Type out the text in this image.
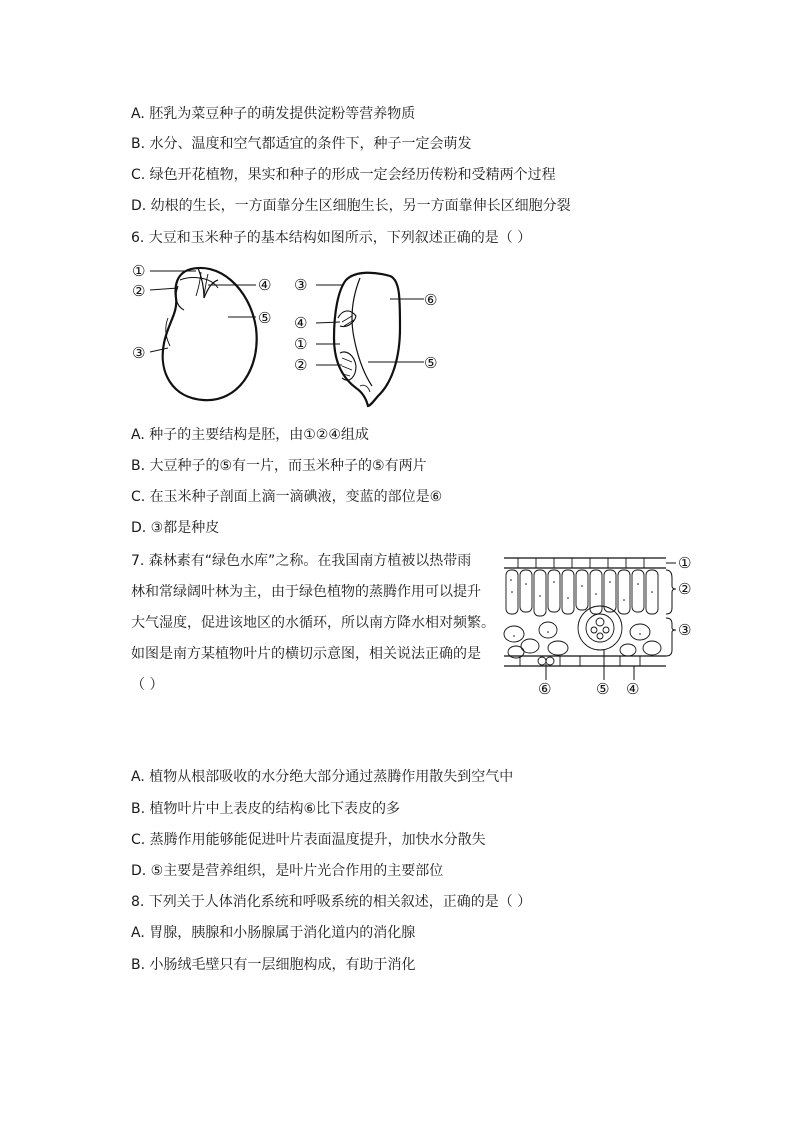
A. 胚乳为菜豆种子的萌发提供淀粉等营养物质
B. 水分、温度和空气都适宜的条件下，种子一定会萌发
C. 绿色开花植物，果实和种子的形成一定会经历传粉和受精两个过程
D. 幼根的生长，一方面靠分生区细胞生长，另一方面靠伸长区细胞分裂
6. 大豆和玉米种子的基本结构如图所示，下列叙述正确的是（ ）
①
②
③
④
⑤
③
④
①
②
⑥
⑤
A. 种子的主要结构是胚，由①②④组成
B. 大豆种子的⑤有一片，而玉米种子的⑤有两片
C. 在玉米种子剖面上滴一滴碘液，变蓝的部位是⑥
D. ③都是种皮
7. 森林素有“绿色水库”之称。在我国南方植被以热带雨
林和常绿阔叶林为主，由于绿色植物的蒸腾作用可以提升
大气湿度，促进该地区的水循环，所以南方降水相对频繁。
如图是南方某植物叶片的横切示意图，相关说法正确的是
（ ）
①
②
③
⑥	⑤ ④
A. 植物从根部吸收的水分绝大部分通过蒸腾作用散失到空气中
B. 植物叶片中上表皮的结构⑥比下表皮的多
C. 蒸腾作用能够能促进叶片表面温度提升，加快水分散失
D. ⑤主要是营养组织，是叶片光合作用的主要部位
8. 下列关于人体消化系统和呼吸系统的相关叙述，正确的是（ ）
A. 胃腺，胰腺和小肠腺属于消化道内的消化腺
B. 小肠绒毛壁只有一层细胞构成，有助于消化
